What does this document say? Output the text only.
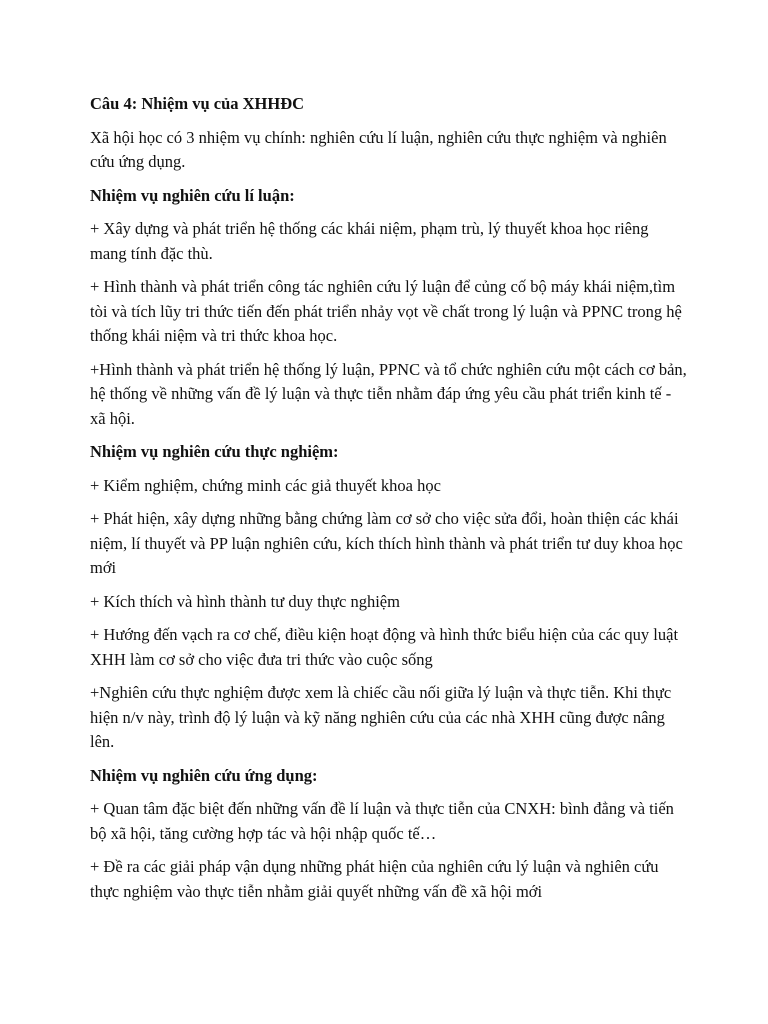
Câu 4: Nhiệm vụ của XHHĐC

Xã hội học có 3 nhiệm vụ chính: nghiên cứu lí luận, nghiên cứu thực nghiệm và nghiên cứu ứng dụng.

Nhiệm vụ nghiên cứu lí luận:

+ Xây dựng và phát triển hệ thống các khái niệm, phạm trù, lý thuyết khoa học riêng mang tính đặc thù.

+ Hình thành và phát triển công tác nghiên cứu lý luận để củng cố bộ máy khái niệm,tìm tòi và tích lũy tri thức tiến đến phát triển nhảy vọt về chất trong lý luận và PPNC trong hệ thống khái niệm và tri thức khoa học.

+Hình thành và phát triển hệ thống lý luận, PPNC và tổ chức nghiên cứu một cách cơ bản, hệ thống về những vấn đề lý luận và thực tiễn nhằm đáp ứng yêu cầu phát triển kinh tế - xã hội.

Nhiệm vụ nghiên cứu thực nghiệm:

+ Kiểm nghiệm, chứng minh các giả thuyết khoa học

+ Phát hiện, xây dựng những bằng chứng làm cơ sở cho việc sửa đổi, hoàn thiện các khái niệm, lí thuyết và PP luận nghiên cứu, kích thích hình thành và phát triển tư duy khoa học mới

+ Kích thích và hình thành tư duy thực nghiệm

+ Hướng đến vạch ra cơ chế, điều kiện hoạt động và hình thức biểu hiện của các quy luật XHH làm cơ sở cho việc đưa tri thức vào cuộc sống

+Nghiên cứu thực nghiệm được xem là chiếc cầu nối giữa lý luận và thực tiễn. Khi thực hiện n/v này, trình độ lý luận và kỹ năng nghiên cứu của các nhà XHH cũng được nâng lên.

Nhiệm vụ nghiên cứu ứng dụng:

+ Quan tâm đặc biệt đến những vấn đề lí luận và thực tiễn của CNXH: bình đẳng và tiến bộ xã hội, tăng cường hợp tác và hội nhập quốc tế…

+ Đề ra các giải pháp vận dụng những phát hiện của nghiên cứu lý luận và nghiên cứu thực nghiệm vào thực tiễn nhằm giải quyết những vấn đề xã hội mới
